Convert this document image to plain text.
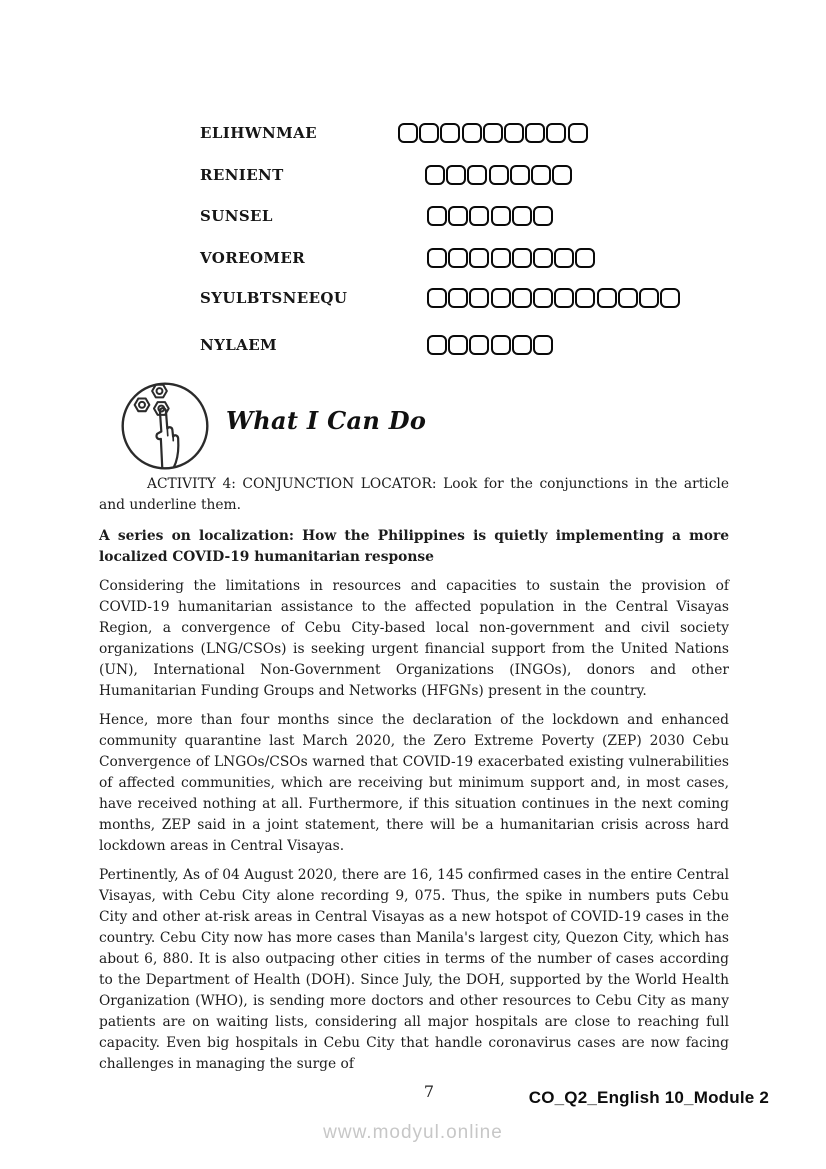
ELIHWNMAE
RENIENT
SUNSEL
VOREOMER
SYULBTSNEEQU
NYLAEM
What I Can Do

ACTIVITY 4: CONJUNCTION LOCATOR: Look for the conjunctions in the article and underline them.

A series on localization: How the Philippines is quietly implementing a more localized COVID-19 humanitarian response

Considering the limitations in resources and capacities to sustain the provision of COVID-19 humanitarian assistance to the affected population in the Central Visayas Region, a convergence of Cebu City-based local non-government and civil society organizations (LNG/CSOs) is seeking urgent financial support from the United Nations (UN), International Non-Government Organizations (INGOs), donors and other Humanitarian Funding Groups and Networks (HFGNs) present in the country.

Hence, more than four months since the declaration of the lockdown and enhanced community quarantine last March 2020, the Zero Extreme Poverty (ZEP) 2030 Cebu Convergence of LNGOs/CSOs warned that COVID-19 exacerbated existing vulnerabilities of affected communities, which are receiving but minimum support and, in most cases, have received nothing at all. Furthermore, if this situation continues in the next coming months, ZEP said in a joint statement, there will be a humanitarian crisis across hard lockdown areas in Central Visayas.

Pertinently, As of 04 August 2020, there are 16, 145 confirmed cases in the entire Central Visayas, with Cebu City alone recording 9, 075. Thus, the spike in numbers puts Cebu City and other at-risk areas in Central Visayas as a new hotspot of COVID-19 cases in the country. Cebu City now has more cases than Manila's largest city, Quezon City, which has about 6, 880. It is also outpacing other cities in terms of the number of cases according to the Department of Health (DOH). Since July, the DOH, supported by the World Health Organization (WHO), is sending more doctors and other resources to Cebu City as many patients are on waiting lists, considering all major hospitals are close to reaching full capacity. Even big hospitals in Cebu City that handle coronavirus cases are now facing challenges in managing the surge of

7	CO_Q2_English 10_Module 2
www.modyul.online
